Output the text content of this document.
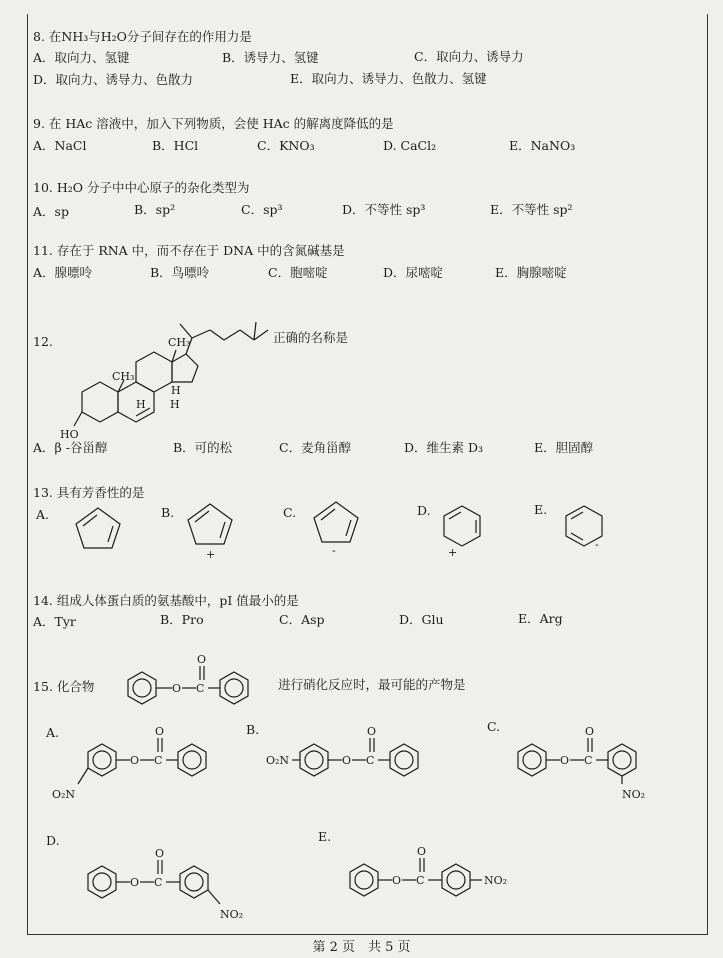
8. 在NH₃与H₂O分子间存在的作用力是
A．取向力、氢键	B．诱导力、氢键	C．取向力、诱导力
D．取向力、诱导力、色散力	E．取向力、诱导力、色散力、氢键
9. 在 HAc 溶液中，加入下列物质，会使 HAc 的解离度降低的是
A．NaCl	B．HCl	C．KNO₃	D. CaCl₂	E．NaNO₃
10. H₂O 分子中中心原子的杂化类型为
A．sp	B．sp²	C．sp³	D．不等性 sp³	E．不等性 sp²
11. 存在于 RNA 中，而不存在于 DNA 中的含氮碱基是
A．腺嘌呤	B．鸟嘌呤	C．胞嘧啶	D．尿嘧啶	E．胸腺嘧啶
12.	正确的名称是
CH₃
CH₃
H
H H
HO
A．β -谷甾醇	B．可的松	C．麦角甾醇	D．维生素 D₃	E．胆固醇
13. 具有芳香性的是
A.	B.
+
C.
-
D.
+
E.
-
14. 组成人体蛋白质的氨基酸中，pI 值最小的是
A．Tyr	B．Pro	C．Asp	D．Glu	E．Arg
15. 化合物	O C
O
进行硝化反应时，最可能的产物是
A.
O C
O
O₂N
B.
O₂N	O C
O	C.
O C
O
NO₂
D.
O C
O
NO₂
E.
O C
O
NO₂
第 2 页　共 5 页
